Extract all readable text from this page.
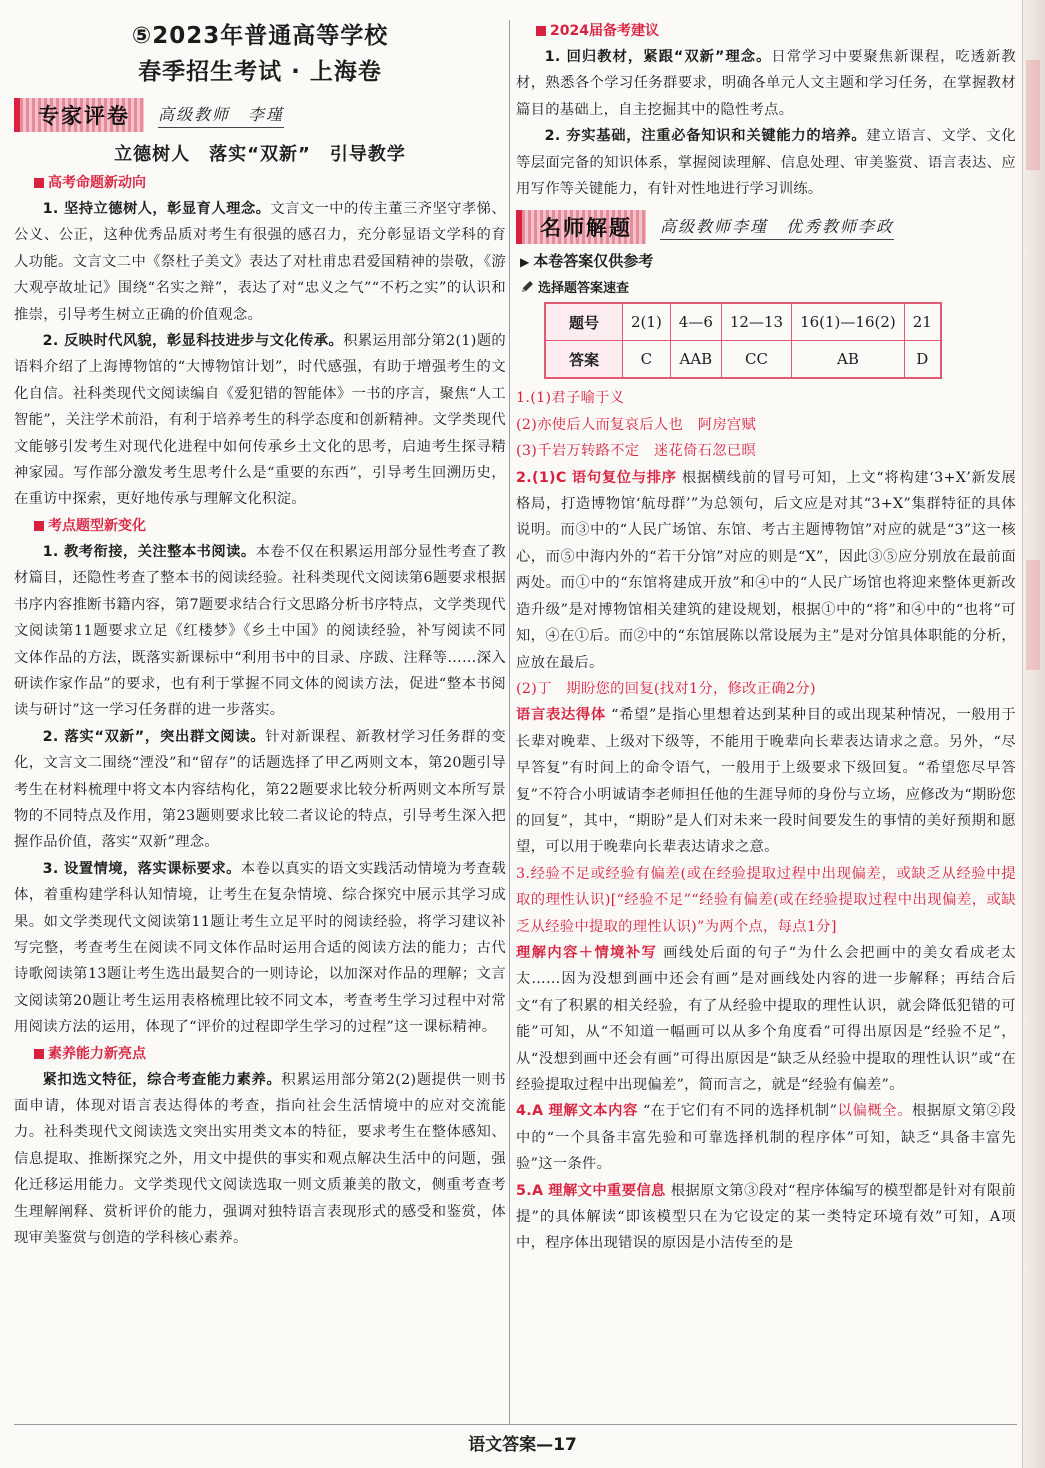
⑤2023年普通高等学校
春季招生考试 · 上海卷
专家评卷	高级教师　李瑾
立德树人　落实“双新”　引导教学
高考命题新动向

1. 坚持立德树人，彰显育人理念。文言文一中的传主董三齐坚守孝悌、公义、公正，这种优秀品质对考生有很强的感召力，充分彰显语文学科的育人功能。文言文二中《祭杜子美文》表达了对杜甫忠君爱国精神的崇敬，《游大观亭故址记》围绕“名实之辩”，表达了对“忠义之气”“不朽之实”的认识和推崇，引导考生树立正确的价值观念。

2. 反映时代风貌，彰显科技进步与文化传承。积累运用部分第2(1)题的语料介绍了上海博物馆的“大博物馆计划”，时代感强，有助于增强考生的文化自信。社科类现代文阅读编自《爱犯错的智能体》一书的序言，聚焦“人工智能”，关注学术前沿，有利于培养考生的科学态度和创新精神。文学类现代文能够引发考生对现代化进程中如何传承乡土文化的思考，启迪考生探寻精神家园。写作部分激发考生思考什么是“重要的东西”，引导考生回溯历史，在重访中探索，更好地传承与理解文化积淀。

考点题型新变化

1. 教考衔接，关注整本书阅读。本卷不仅在积累运用部分显性考查了教材篇目，还隐性考查了整本书的阅读经验。社科类现代文阅读第6题要求根据书序内容推断书籍内容，第7题要求结合行文思路分析书序特点，文学类现代文阅读第11题要求立足《红楼梦》《乡土中国》的阅读经验，补写阅读不同文体作品的方法，既落实新课标中“利用书中的目录、序跋、注释等……深入研读作家作品”的要求，也有利于掌握不同文体的阅读方法，促进“整本书阅读与研讨”这一学习任务群的进一步落实。

2. 落实“双新”，突出群文阅读。针对新课程、新教材学习任务群的变化，文言文二围绕“湮没”和“留存”的话题选择了甲乙两则文本，第20题引导考生在材料梳理中将文本内容结构化，第22题要求比较分析两则文本所写景物的不同特点及作用，第23题则要求比较二者议论的特点，引导考生深入把握作品价值，落实“双新”理念。

3. 设置情境，落实课标要求。本卷以真实的语文实践活动情境为考查载体，着重构建学科认知情境，让考生在复杂情境、综合探究中展示其学习成果。如文学类现代文阅读第11题让考生立足平时的阅读经验，将学习建议补写完整，考查考生在阅读不同文体作品时运用合适的阅读方法的能力；古代诗歌阅读第13题让考生选出最契合的一则诗论，以加深对作品的理解；文言文阅读第20题让考生运用表格梳理比较不同文本，考查考生学习过程中对常用阅读方法的运用，体现了“评价的过程即学生学习的过程”这一课标精神。

素养能力新亮点

紧扣选文特征，综合考查能力素养。积累运用部分第2(2)题提供一则书面申请，体现对语言表达得体的考查，指向社会生活情境中的应对交流能力。社科类现代文阅读选文突出实用类文本的特征，要求考生在整体感知、信息提取、推断探究之外，用文中提供的事实和观点解决生活中的问题，强化迁移运用能力。文学类现代文阅读选取一则文质兼美的散文，侧重考查考生理解阐释、赏析评价的能力，强调对独特语言表现形式的感受和鉴赏，体现审美鉴赏与创造的学科核心素养。

2024届备考建议

1. 回归教材，紧跟“双新”理念。日常学习中要聚焦新课程，吃透新教材，熟悉各个学习任务群要求，明确各单元人文主题和学习任务，在掌握教材篇目的基础上，自主挖掘其中的隐性考点。

2. 夯实基础，注重必备知识和关键能力的培养。建立语言、文学、文化等层面完备的知识体系，掌握阅读理解、信息处理、审美鉴赏、语言表达、应用写作等关键能力，有针对性地进行学习训练。

名师解题	高级教师李瑾　优秀教师李政
▶ 本卷答案仅供参考
选择题答案速查
题号	2(1)	4—6	12—13	16(1)—16(2)	21
答案	C	AAB	CC	AB	D

1.(1)君子喻于义

(2)亦使后人而复哀后人也　阿房宫赋

(3)千岩万转路不定　迷花倚石忽已暝

2.(1)C 语句复位与排序 根据横线前的冒号可知，上文“将构建‘3+X’新发展格局，打造博物馆‘航母群’”为总领句，后文应是对其“3+X”集群特征的具体说明。而③中的“人民广场馆、东馆、考古主题博物馆”对应的就是“3”这一核心，而⑤中海内外的“若干分馆”对应的则是“X”，因此③⑤应分别放在最前面两处。而①中的“东馆将建成开放”和④中的“人民广场馆也将迎来整体更新改造升级”是对博物馆相关建筑的建设规划，根据①中的“将”和④中的“也将”可知，④在①后。而②中的“东馆展陈以常设展为主”是对分馆具体职能的分析，应放在最后。

(2)丁　期盼您的回复(找对1分，修改正确2分)

语言表达得体 “希望”是指心里想着达到某种目的或出现某种情况，一般用于长辈对晚辈、上级对下级等，不能用于晚辈向长辈表达请求之意。另外，“尽早答复”有时间上的命令语气，一般用于上级要求下级回复。“希望您尽早答复”不符合小明诚请李老师担任他的生涯导师的身份与立场，应修改为“期盼您的回复”，其中，“期盼”是人们对未来一段时间要发生的事情的美好预期和愿望，可以用于晚辈向长辈表达请求之意。

3.经验不足或经验有偏差(或在经验提取过程中出现偏差，或缺乏从经验中提取的理性认识)[“经验不足”“经验有偏差(或在经验提取过程中出现偏差，或缺乏从经验中提取的理性认识)”为两个点，每点1分]

理解内容＋情境补写 画线处后面的句子“为什么会把画中的美女看成老太太……因为没想到画中还会有画”是对画线处内容的进一步解释；再结合后文“有了积累的相关经验，有了从经验中提取的理性认识，就会降低犯错的可能”可知，从“不知道一幅画可以从多个角度看”可得出原因是“经验不足”，从“没想到画中还会有画”可得出原因是“缺乏从经验中提取的理性认识”或“在经验提取过程中出现偏差”，简而言之，就是“经验有偏差”。

4.A 理解文本内容 “在于它们有不同的选择机制”以偏概全。根据原文第②段中的“一个具备丰富先验和可靠选择机制的程序体”可知，缺乏“具备丰富先验”这一条件。

5.A 理解文中重要信息 根据原文第③段对“程序体编写的模型都是针对有限前提”的具体解读“即该模型只在为它设定的某一类特定环境有效”可知，A项中，程序体出现错误的原因是小洁传至的是

语文答案—17
